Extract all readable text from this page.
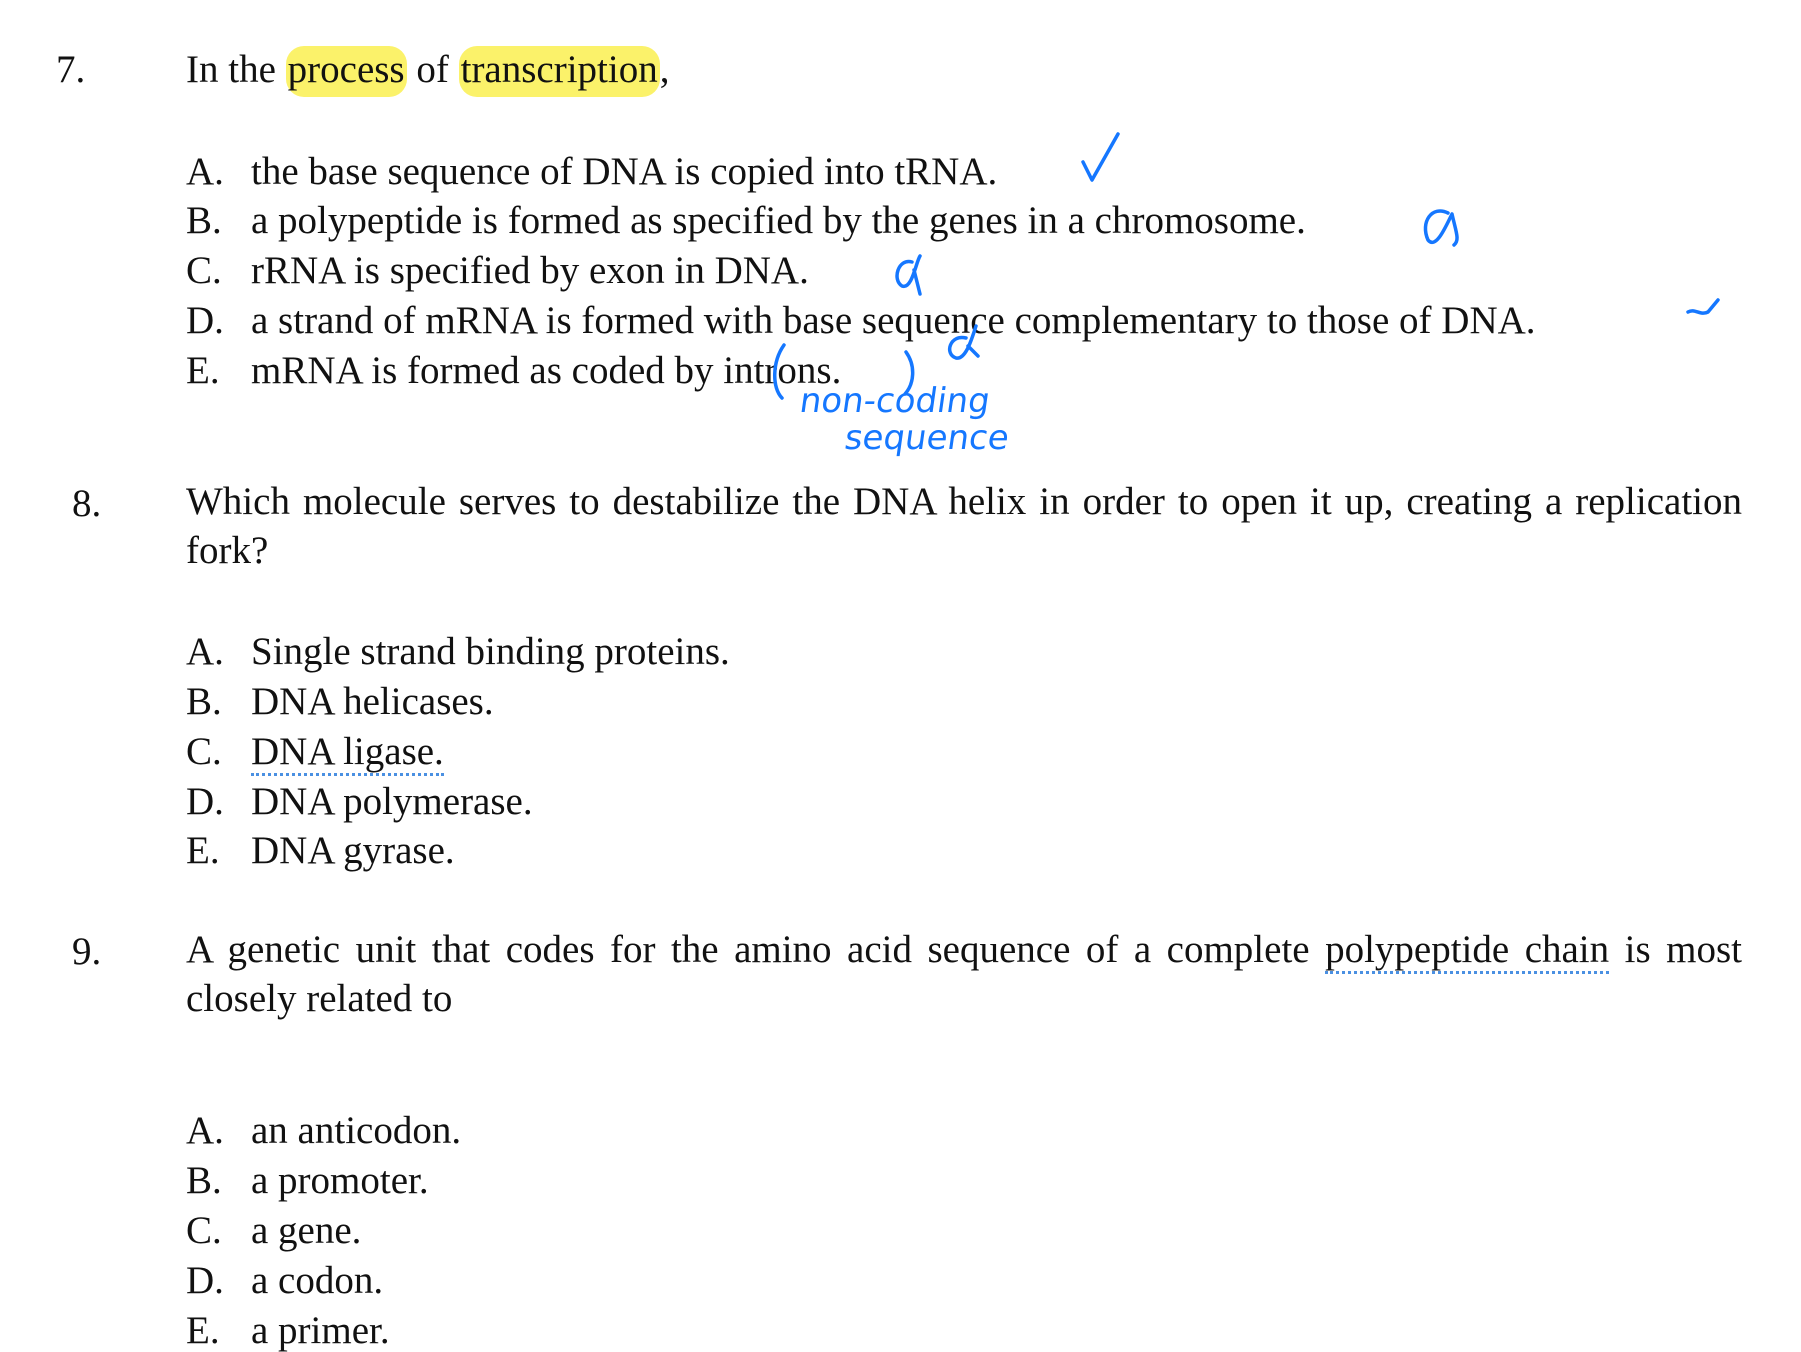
7.	In the process of transcription,
A. the base sequence of DNA is copied into tRNA.
B. a polypeptide is formed as specified by the genes in a chromosome.
C. rRNA is specified by exon in DNA.
D. a strand of mRNA is formed with base sequence complementary to those of DNA.
E. mRNA is formed as coded by introns.
non-coding
sequence
8. Which molecule serves to destabilize the DNA helix in order to open it up, creating a replication fork?
A. Single strand binding proteins.
B. DNA helicases.
C. DNA ligase.
D. DNA polymerase.
E. DNA gyrase.
9. A genetic unit that codes for the amino acid sequence of a complete polypeptide chain is most closely related to
A. an anticodon.
B. a promoter.
C. a gene.
D. a codon.
E. a primer.
